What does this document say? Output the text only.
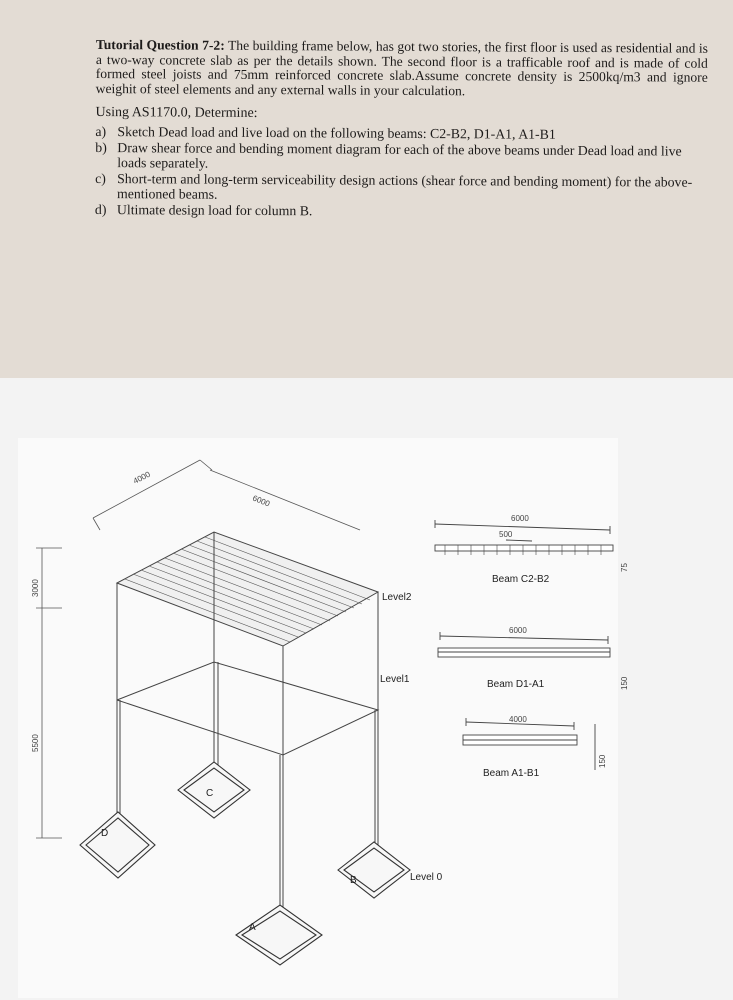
Tutorial Question 7-2: The building frame below, has got two stories, the first floor is used as residential and is a two-way concrete slab as per the details shown. The second floor is a trafficable roof and is made of cold formed steel joists and 75mm reinforced concrete slab.Assume concrete density is 2500kq/m3 and ignore weighit of steel elements and any external walls in your calculation.

Using AS1170.0, Determine:

a) Sketch Dead load and live load on the following beams: C2-B2, D1-A1, A1-B1
b) Draw shear force and bending moment diagram for each of the above beams under Dead load and live loads separately.
c) Short-term and long-term serviceability design actions (shear force and bending moment) for the above-mentioned beams.
d) Ultimate design load for column B.
3000
5500
4000
6000
D
C
B
A
Level2
Level1
Level 0
6000
500
75
Beam C2-B2
6000
150
Beam D1-A1
4000
150
Beam A1-B1
